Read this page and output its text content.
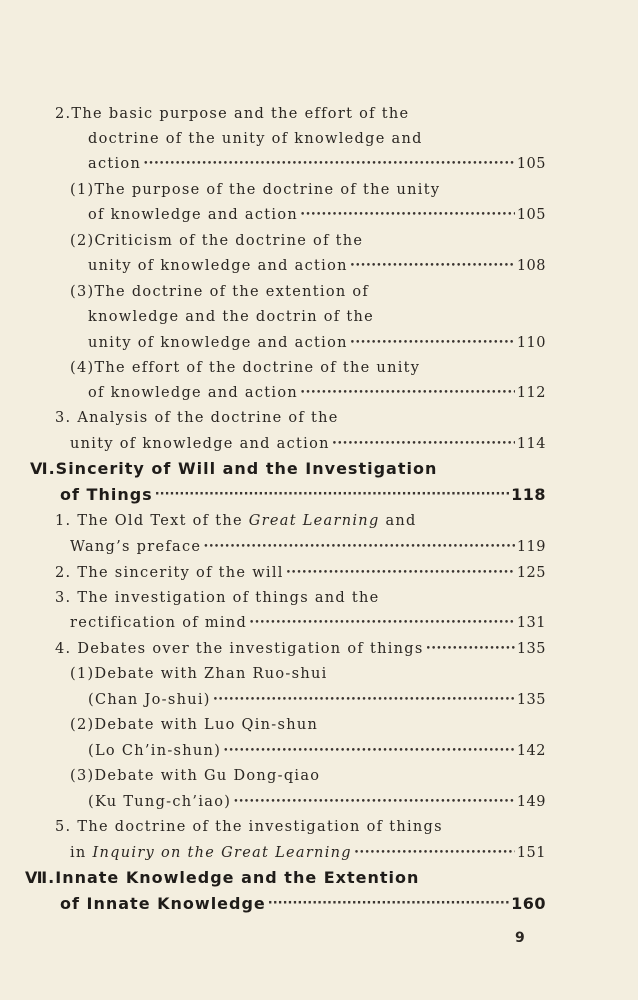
2.The basic purpose and the effort of the
doctrine of the unity of knowledge and
action •••••	105
(1)The purpose of the doctrine of the unity
of knowledge and action •••••	105
(2)Criticism of the doctrine of the
unity of knowledge and action •••••	108
(3)The doctrine of the extention of
knowledge and the doctrin of the
unity of knowledge and action •••••	110
(4)The effort of the doctrine of the unity
of knowledge and action •••••	112
3. Analysis of the doctrine of the
unity of knowledge and action •••••	114
Ⅵ.Sincerity of Will and the Investigation
of Things ·····	118
1. The Old Text of the Great Learning and
Wang’s preface •••••	119
2. The sincerity of the will •••••	125
3. The investigation of things and the
rectification of mind •••••	131
4. Debates over the investigation of things •••••	135
(1)Debate with Zhan Ruo-shui
(Chan Jo-shui) •••••	135
(2)Debate with Luo Qin-shun
(Lo Ch’in-shun) •••••	142
(3)Debate with Gu Dong-qiao
(Ku Tung-ch’iao) •••••	149
5. The doctrine of the investigation of things
in Inquiry on the Great Learning •••••	151
Ⅶ.Innate Knowledge and the Extention
of Innate Knowledge ·····	160
9
